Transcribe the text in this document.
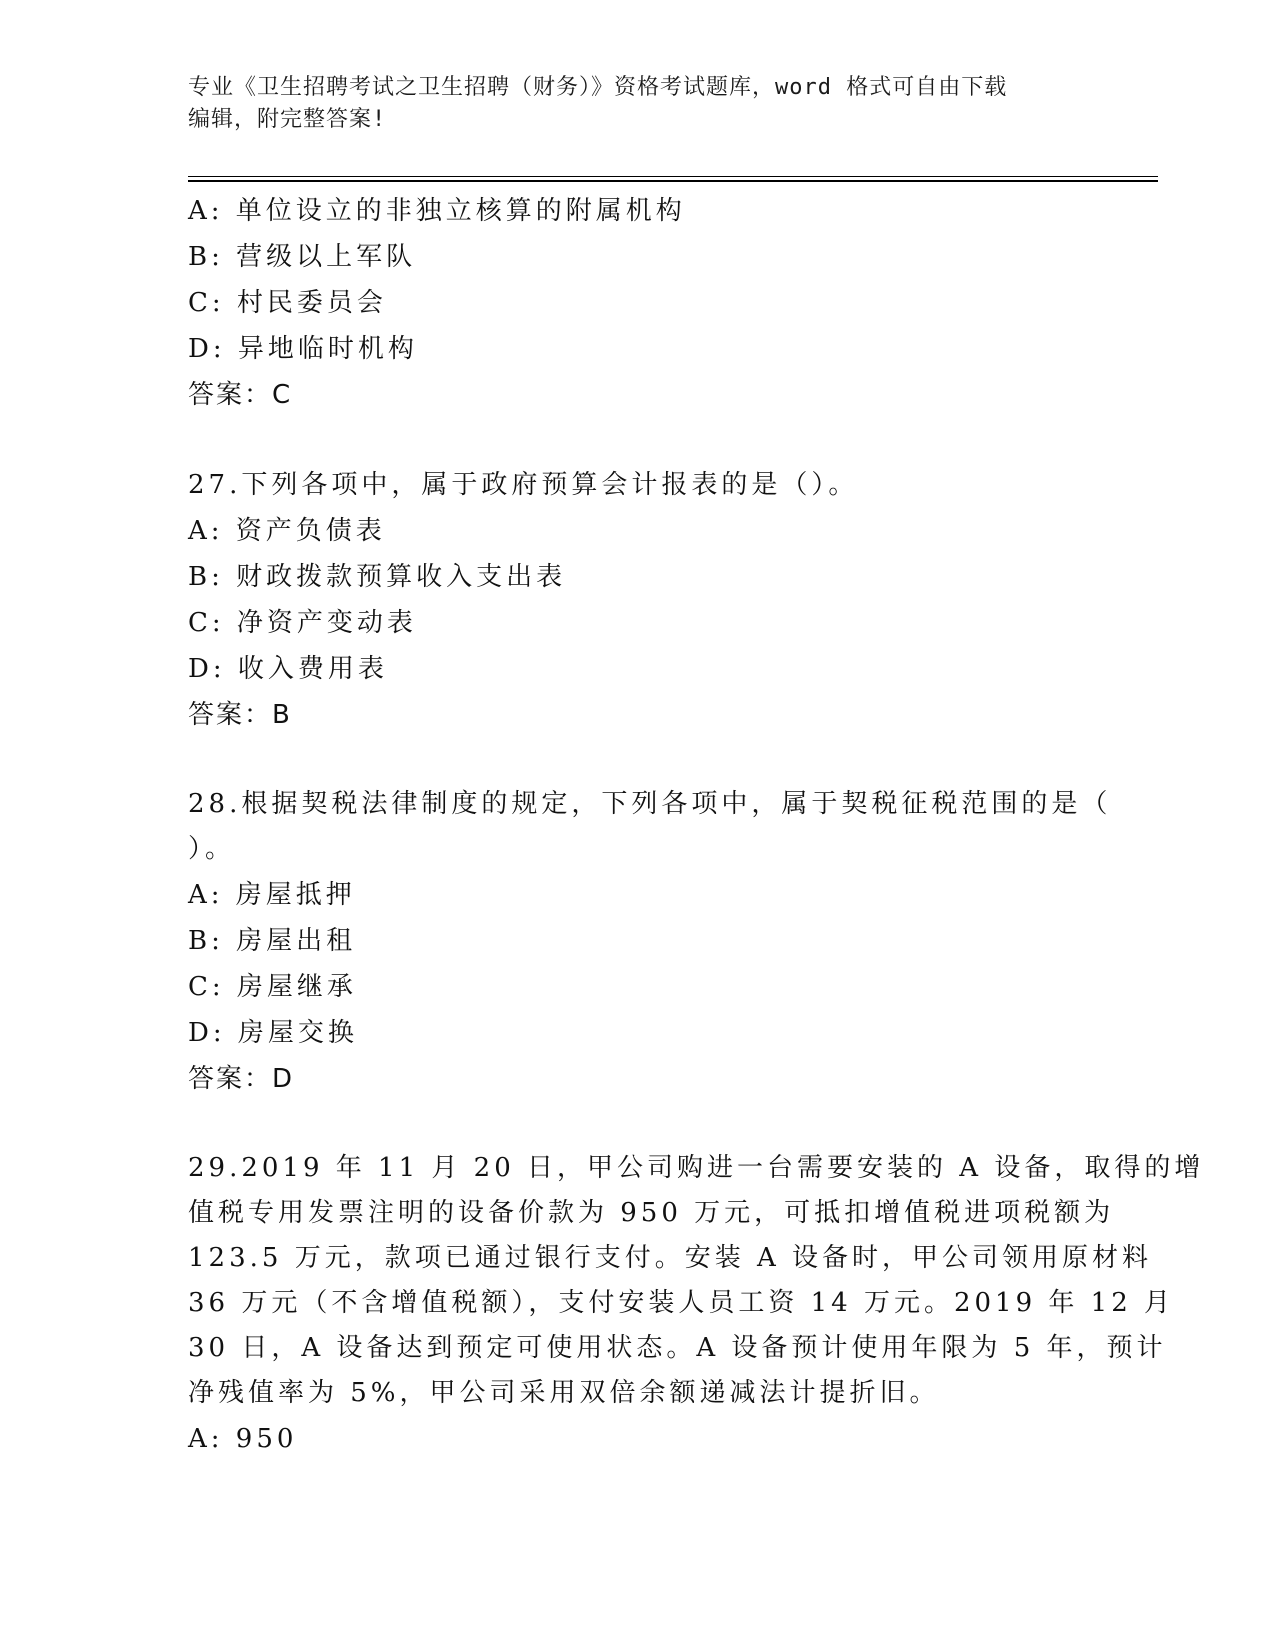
专业《卫生招聘考试之卫生招聘（财务）》资格考试题库，word 格式可自由下载
编辑，附完整答案!
A: 单位设立的非独立核算的附属机构
B: 营级以上军队
C: 村民委员会
D: 异地临时机构
答案：C
27.下列各项中，属于政府预算会计报表的是（）。
A: 资产负债表
B: 财政拨款预算收入支出表
C: 净资产变动表
D: 收入费用表
答案：B

28.根据契税法律制度的规定，下列各项中，属于契税征税范围的是（

）。

A: 房屋抵押
B: 房屋出租
C: 房屋继承
D: 房屋交换
答案：D

29.2019 年 11 月 20 日，甲公司购进一台需要安装的 A 设备，取得的增

值税专用发票注明的设备价款为 950 万元，可抵扣增值税进项税额为

123.5 万元，款项已通过银行支付。安装 A 设备时，甲公司领用原材料

36 万元（不含增值税额），支付安装人员工资 14 万元。2019 年 12 月

30 日，A 设备达到预定可使用状态。A 设备预计使用年限为 5 年，预计

净残值率为 5%，甲公司采用双倍余额递减法计提折旧。

A: 950
